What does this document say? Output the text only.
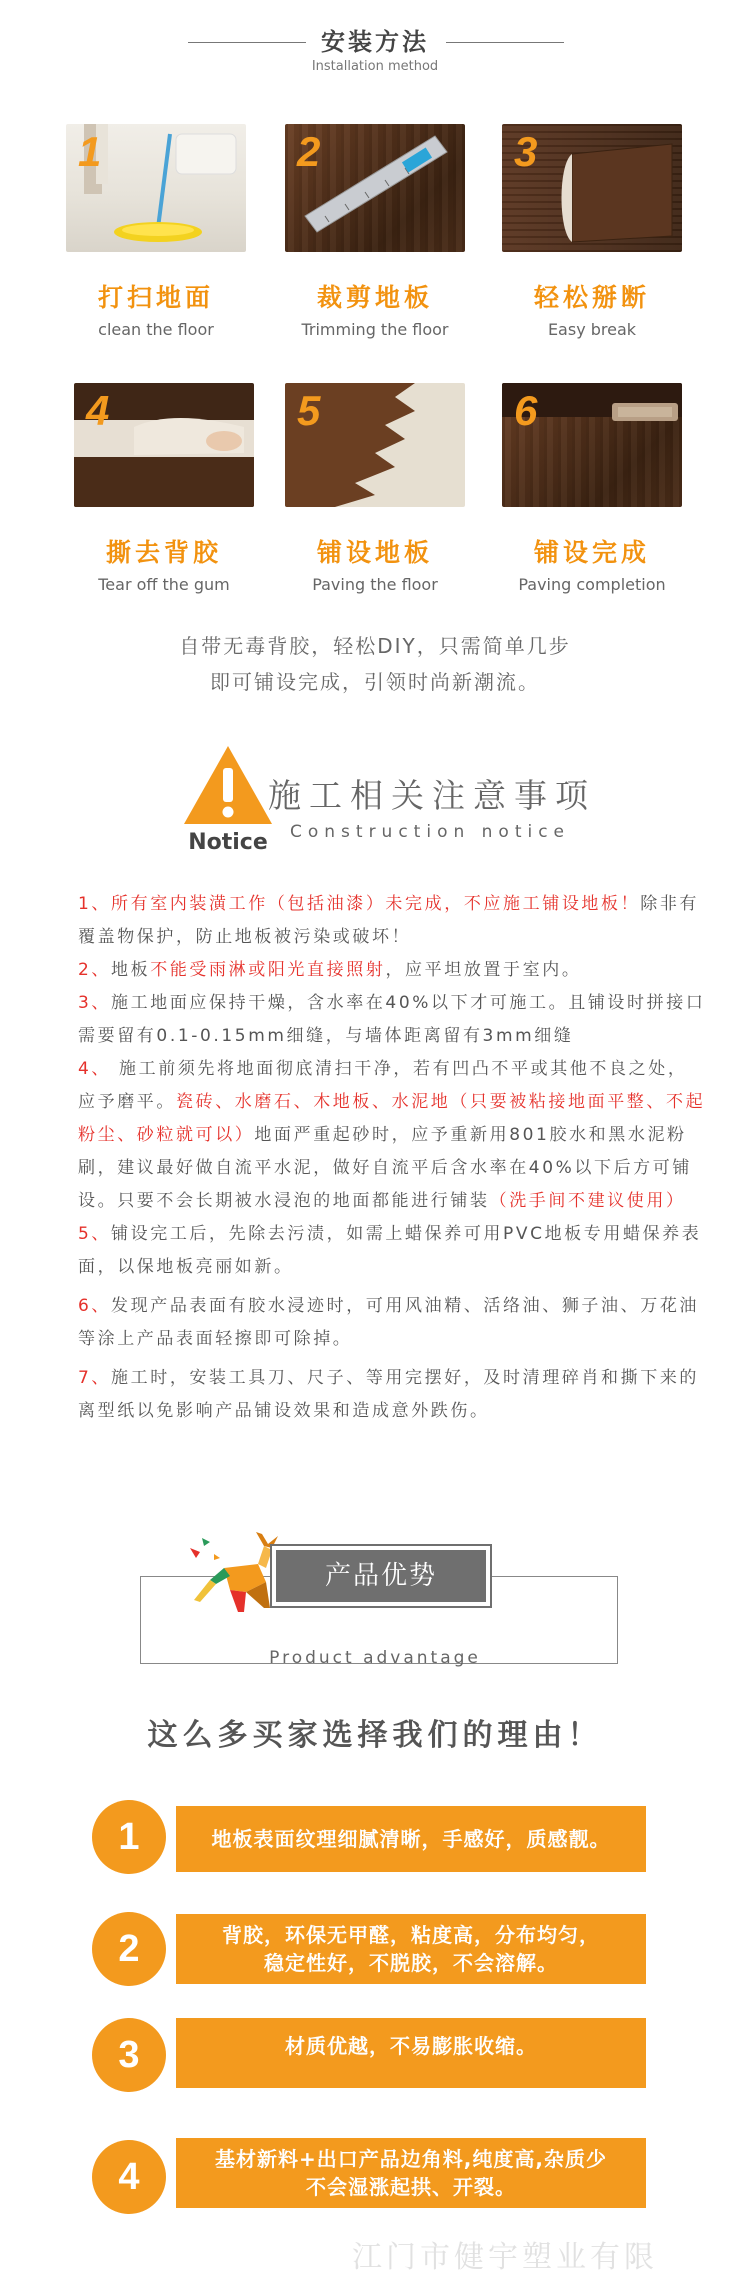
安装方法
Installation method
1
打扫地面
clean the floor
2
裁剪地板
Trimming the floor
3
轻松掰断
Easy break
4
撕去背胶
Tear off the gum
5
铺设地板
Paving the floor
6
铺设完成
Paving completion
自带无毒背胶，轻松DIY，只需简单几步
即可铺设完成，引领时尚新潮流。
Notice
施工相关注意事项
Construction notice

1、所有室内装潢工作（包括油漆）未完成，不应施工铺设地板！除非有覆盖物保护，防止地板被污染或破坏！

2、地板不能受雨淋或阳光直接照射，应平坦放置于室内。

3、施工地面应保持干燥，含水率在40%以下才可施工。且铺设时拼接口需要留有0.1-0.15mm细缝，与墙体距离留有3mm细缝

4、 施工前须先将地面彻底清扫干净，若有凹凸不平或其他不良之处，应予磨平。瓷砖、水磨石、木地板、水泥地（只要被粘接地面平整、不起粉尘、砂粒就可以）地面严重起砂时，应予重新用801胶水和黑水泥粉刷，建议最好做自流平水泥，做好自流平后含水率在40%以下后方可铺设。只要不会长期被水浸泡的地面都能进行铺装（洗手间不建议使用）

5、铺设完工后，先除去污渍，如需上蜡保养可用PVC地板专用蜡保养表面，以保地板亮丽如新。

6、发现产品表面有胶水浸迹时，可用风油精、活络油、狮子油、万花油等涂上产品表面轻擦即可除掉。

7、施工时，安装工具刀、尺子、等用完摆好，及时清理碎肖和撕下来的离型纸以免影响产品铺设效果和造成意外跌伤。

产品优势
Product advantage
这么多买家选择我们的理由！
1	地板表面纹理细腻清晰，手感好，质感靓。
2	背胶，环保无甲醛，粘度高，分布均匀，
稳定性好，不脱胶，不会溶解。
3	材质优越，不易膨胀收缩。
4	基材新料+出口产品边角料,纯度高,杂质少
不会湿涨起拱、开裂。
江门市健宇塑业有限
